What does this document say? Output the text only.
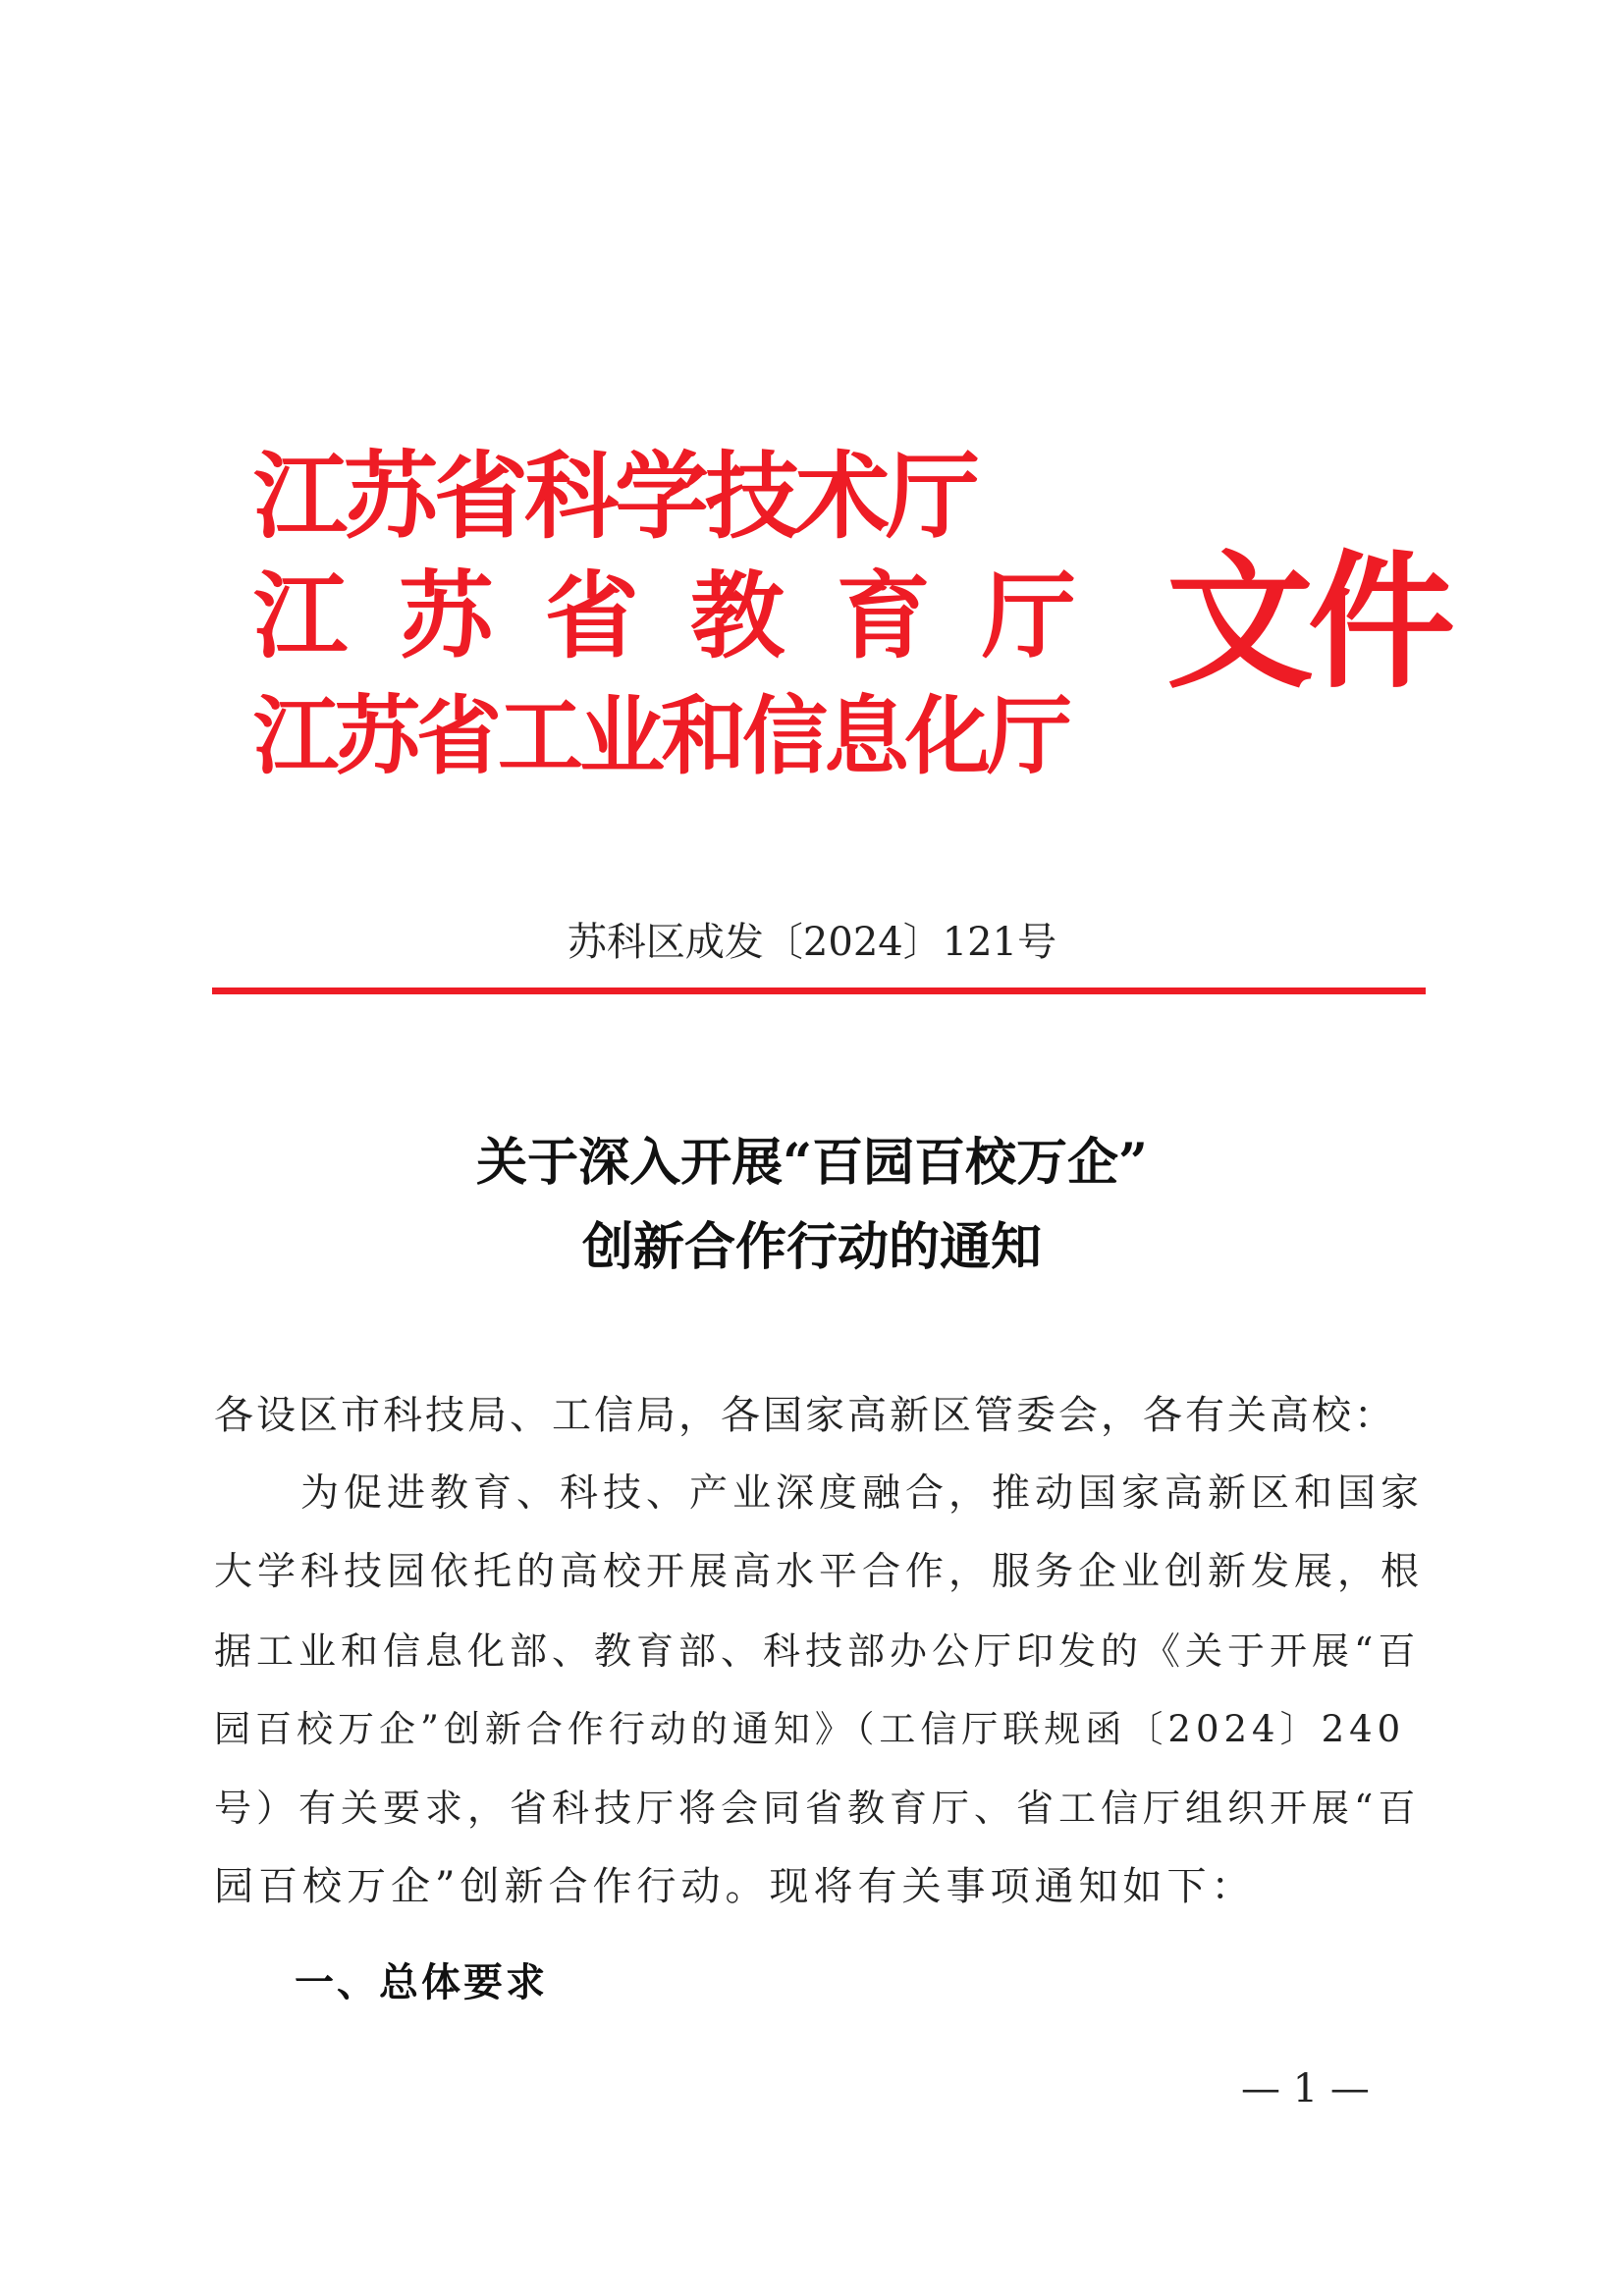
江苏省科学技术厅
江 苏 省 教 育 厅
江苏省工业和信息化厅
文件
苏科区成发〔2024〕121号
关于深入开展“百园百校万企”
创新合作行动的通知
各设区市科技局、工信局，各国家高新区管委会，各有关高校：
　　为促进教育、科技、产业深度融合，推动国家高新区和国家
大学科技园依托的高校开展高水平合作，服务企业创新发展，根
据工业和信息化部、教育部、科技部办公厅印发的《关于开展“百
园百校万企”创新合作行动的通知》（工信厅联规函〔2024〕240
号）有关要求，省科技厅将会同省教育厅、省工信厅组织开展“百
园百校万企”创新合作行动。现将有关事项通知如下：
一、总体要求
— 1 —
